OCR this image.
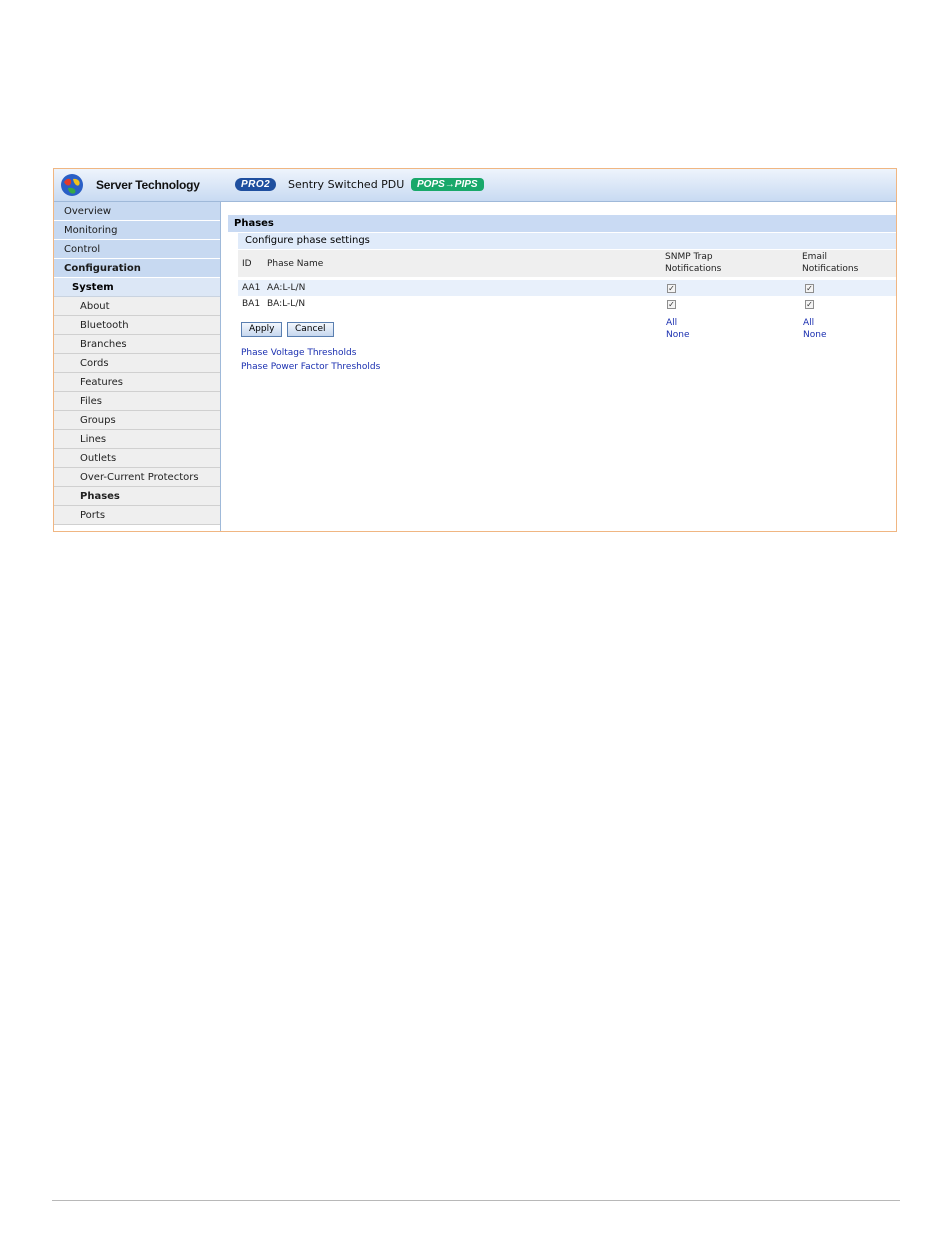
Server Technology
Overview
Monitoring
Control
Configuration
System
About
Bluetooth
Branches
Cords
Features
Files
Groups
Lines
Outlets
Over-Current Protectors
Phases
Ports
PRO2	Sentry Switched PDU	POPS→PIPS
Phases
Configure phase settings
ID Phase Name
SNMP Trap
Notifications
Email
Notifications
AA1 AA:L-L/N	✓	✓
BA1 BA:L-L/N	✓	✓
Apply	Cancel
All
None
All
None
Phase Voltage Thresholds
Phase Power Factor Thresholds
